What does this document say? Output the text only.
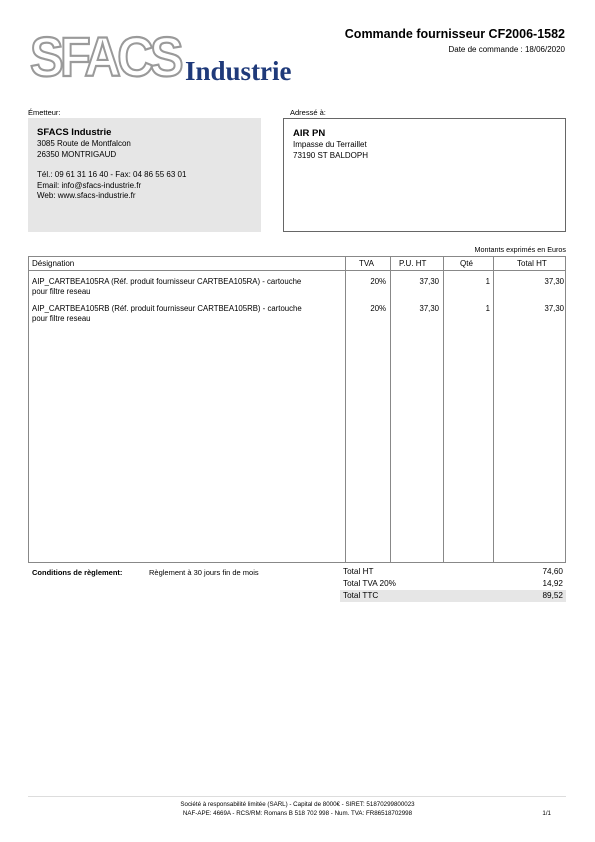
SFACS Industrie
Commande fournisseur CF2006-1582
Date de commande : 18/06/2020
Émetteur:	Adressé à:
SFACS Industrie
3085 Route de Montfalcon
26350 MONTRIGAUD
Tél.: 09 61 31 16 40 - Fax: 04 86 55 63 01
Email: info@sfacs-industrie.fr
Web: www.sfacs-industrie.fr
AIR PN
Impasse du Terraillet
73190 ST BALDOPH
Montants exprimés en Euros
Désignation	TVA	P.U. HT	Qté	Total HT
AIP_CARTBEA105RA (Réf. produit fournisseur CARTBEA105RA) - cartouche
pour filtre reseau
20%	37,30	1	37,30
AIP_CARTBEA105RB (Réf. produit fournisseur CARTBEA105RB) - cartouche
pour filtre reseau
20%	37,30	1	37,30
Conditions de règlement:	Règlement à 30 jours fin de mois	Total HT	74,60
Total TVA 20%	14,92
Total TTC	89,52
Société à responsabilité limitée (SARL) - Capital de 8000€ - SIRET: 51870299800023
NAF-APE: 4669A - RCS/RM: Romans B 518 702 998 - Num. TVA: FR86518702998	1/1
